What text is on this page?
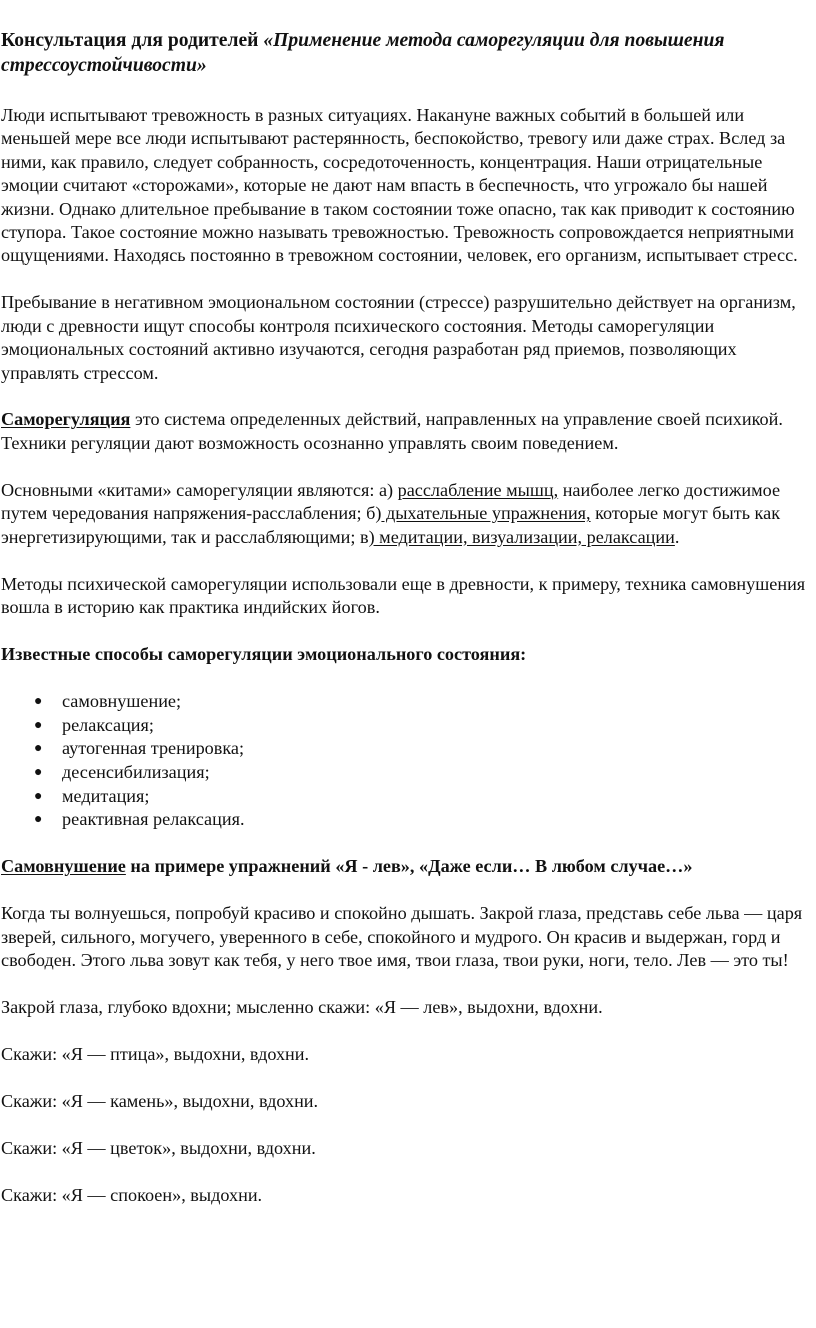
Консультация для родителей «Применение метода саморегуляции для повышения стрессоустойчивости»

Люди испытывают тревожность в разных ситуациях. Накануне важных событий в большей или меньшей мере все люди испытывают растерянность, беспокойство, тревогу или даже страх. Вслед за ними, как правило, следует собранность, сосредоточенность, концентрация. Наши отрицательные эмоции считают «сторожами», которые не дают нам впасть в беспечность, что угрожало бы нашей жизни. Однако длительное пребывание в таком состоянии тоже опасно, так как приводит к состоянию ступора. Такое состояние можно называть тревожностью. Тревожность сопровождается неприятными ощущениями. Находясь постоянно в тревожном состоянии, человек, его организм, испытывает стресс.

Пребывание в негативном эмоциональном состоянии (стрессе) разрушительно действует на организм, люди с древности ищут способы контроля психического состояния. Методы саморегуляции эмоциональных состояний активно изучаются, сегодня разработан ряд приемов, позволяющих управлять стрессом.

Саморегуляция это система определенных действий, направленных на управление своей психикой. Техники регуляции дают возможность осознанно управлять своим поведением.

Основными «китами» саморегуляции являются: а) расслабление мышц, наиболее легко достижимое путем чередования напряжения-расслабления; б) дыхательные упражнения, которые могут быть как энергетизирующими, так и расслабляющими; в) медитации, визуализации, релаксации.

Методы психической саморегуляции использовали еще в древности, к примеру, техника самовнушения вошла в историю как практика индийских йогов.

Известные способы саморегуляции эмоционального состояния:

● самовнушение;
● релаксация;
● аутогенная тренировка;
● десенсибилизация;
● медитация;
● реактивная релаксация.

Самовнушение на примере упражнений «Я - лев», «Даже если… В любом случае…»

Когда ты волнуешься, попробуй красиво и спокойно дышать. Закрой глаза, представь себе льва — царя зверей, сильного, могучего, уверенного в себе, спокойного и мудрого. Он красив и выдержан, горд и свободен. Этого льва зовут как тебя, у него твое имя, твои глаза, твои руки, ноги, тело. Лев — это ты!

Закрой глаза, глубоко вдохни; мысленно скажи: «Я — лев», выдохни, вдохни.

Скажи: «Я — птица», выдохни, вдохни.

Скажи: «Я — камень», выдохни, вдохни.

Скажи: «Я — цветок», выдохни, вдохни.

Скажи: «Я — спокоен», выдохни.
